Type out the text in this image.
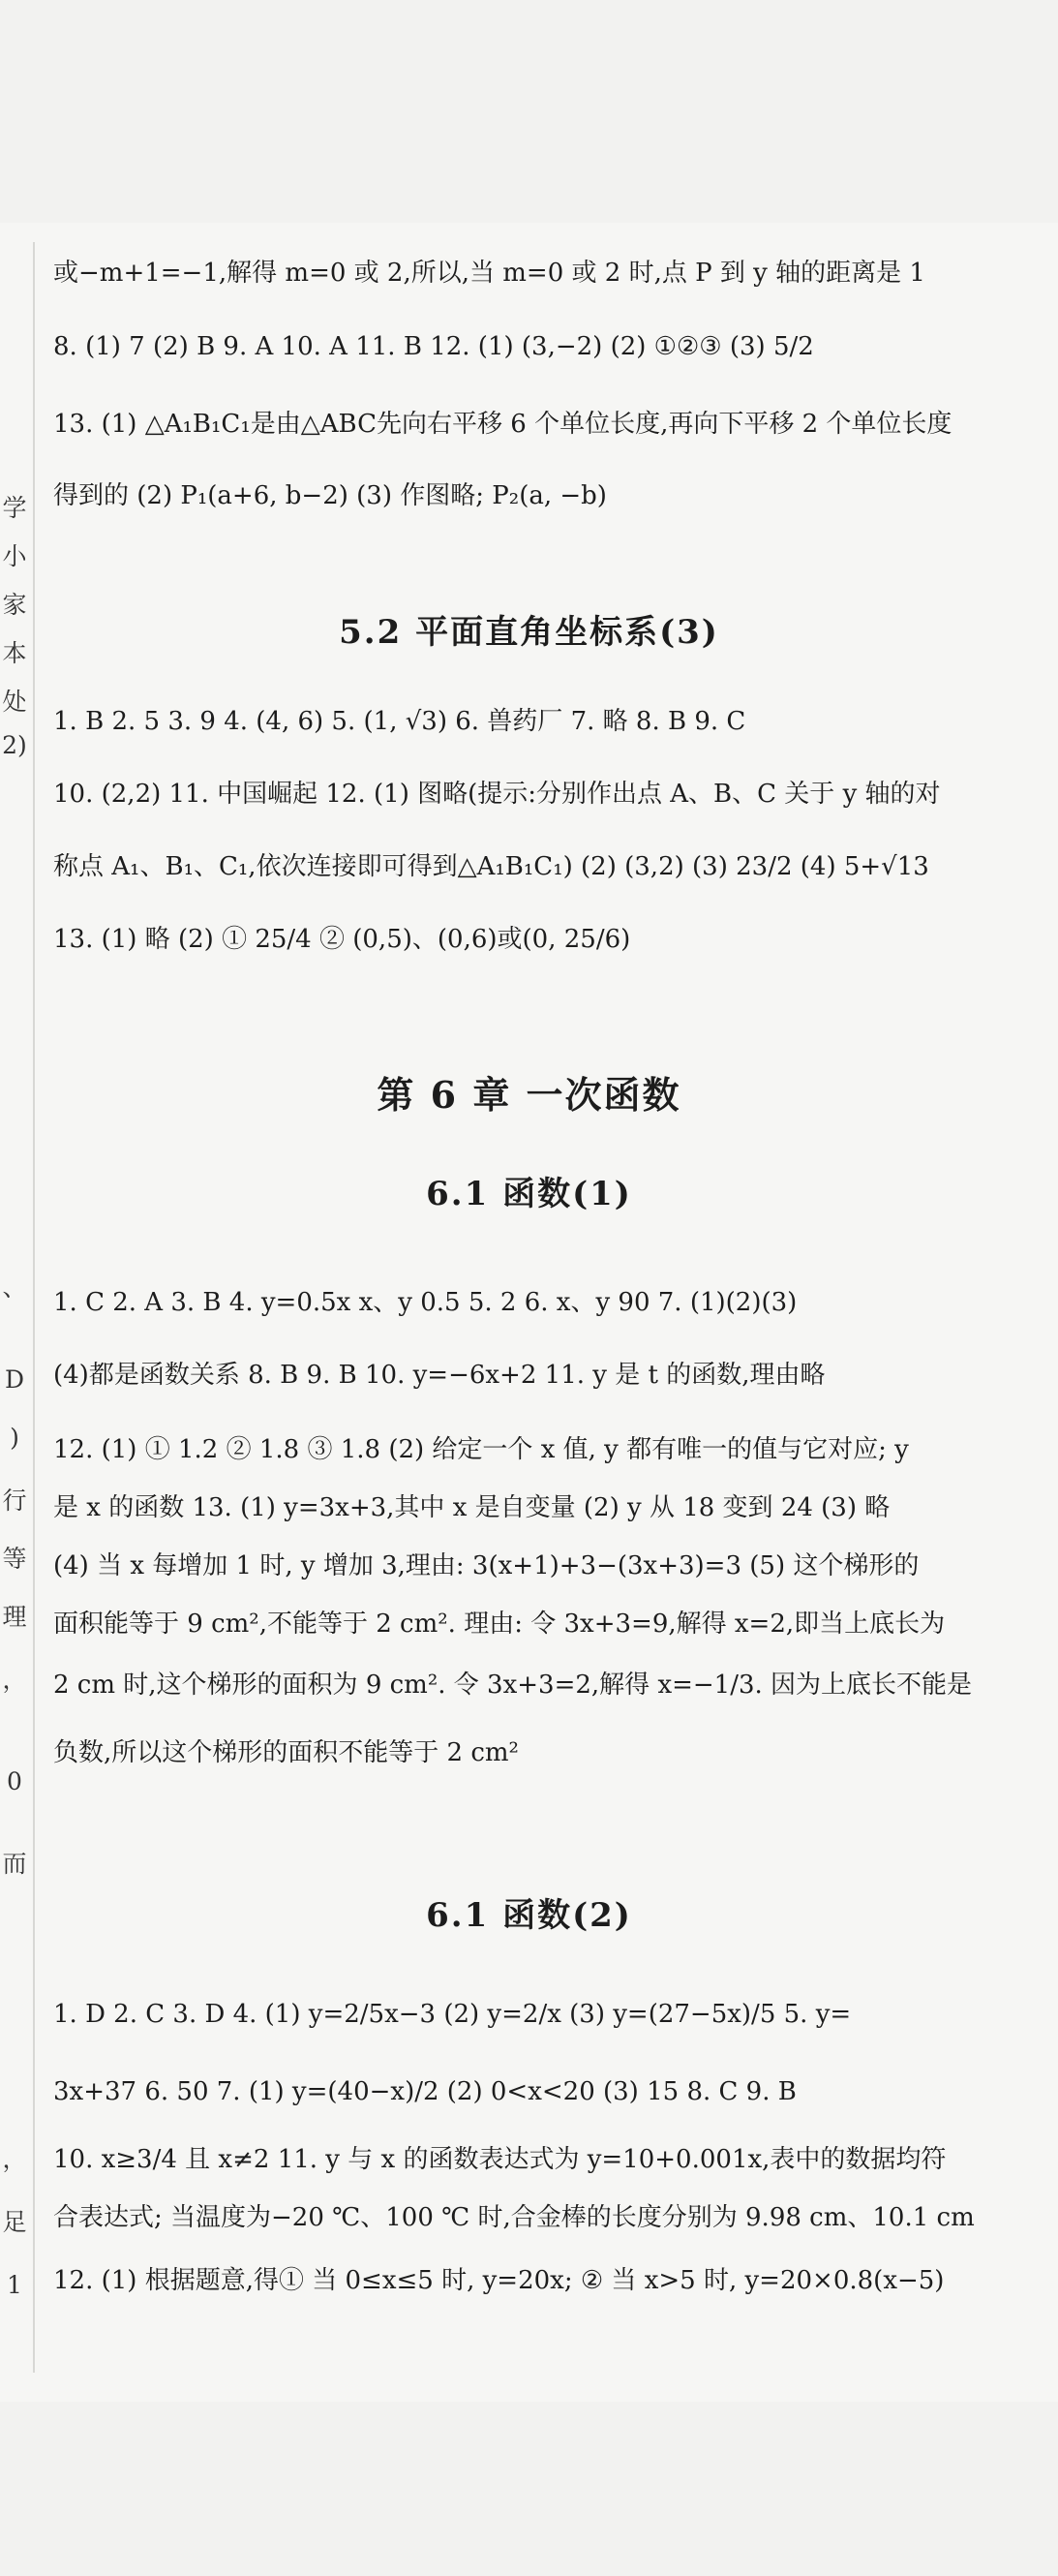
学
小
家
本
处
2)
、
D
)
行
等
理
，
0
而
，
足
1
或−m+1=−1,解得 m=0 或 2,所以,当 m=0 或 2 时,点 P 到 y 轴的距离是 1
8. (1) 7 (2) B 9. A 10. A 11. B 12. (1) (3,−2) (2) ①②③ (3) 5/2
13. (1) △A₁B₁C₁是由△ABC先向右平移 6 个单位长度,再向下平移 2 个单位长度
得到的 (2) P₁(a+6, b−2) (3) 作图略; P₂(a, −b)
5.2 平面直角坐标系(3)
1. B 2. 5 3. 9 4. (4, 6) 5. (1, √3) 6. 兽药厂 7. 略 8. B 9. C
10. (2,2) 11. 中国崛起 12. (1) 图略(提示:分别作出点 A、B、C 关于 y 轴的对
称点 A₁、B₁、C₁,依次连接即可得到△A₁B₁C₁) (2) (3,2) (3) 23/2 (4) 5+√13
13. (1) 略 (2) ① 25/4 ② (0,5)、(0,6)或(0, 25/6)
第 6 章 一次函数
6.1 函数(1)
1. C 2. A 3. B 4. y=0.5x x、y 0.5 5. 2 6. x、y 90 7. (1)(2)(3)
(4)都是函数关系 8. B 9. B 10. y=−6x+2 11. y 是 t 的函数,理由略
12. (1) ① 1.2 ② 1.8 ③ 1.8 (2) 给定一个 x 值, y 都有唯一的值与它对应; y
是 x 的函数 13. (1) y=3x+3,其中 x 是自变量 (2) y 从 18 变到 24 (3) 略
(4) 当 x 每增加 1 时, y 增加 3,理由: 3(x+1)+3−(3x+3)=3 (5) 这个梯形的
面积能等于 9 cm²,不能等于 2 cm². 理由: 令 3x+3=9,解得 x=2,即当上底长为
2 cm 时,这个梯形的面积为 9 cm². 令 3x+3=2,解得 x=−1/3. 因为上底长不能是
负数,所以这个梯形的面积不能等于 2 cm²
6.1 函数(2)
1. D 2. C 3. D 4. (1) y=2/5x−3 (2) y=2/x (3) y=(27−5x)/5 5. y=
3x+37 6. 50 7. (1) y=(40−x)/2 (2) 0<x<20 (3) 15 8. C 9. B
10. x≥3/4 且 x≠2 11. y 与 x 的函数表达式为 y=10+0.001x,表中的数据均符
合表达式; 当温度为−20 ℃、100 ℃ 时,合金棒的长度分别为 9.98 cm、10.1 cm
12. (1) 根据题意,得① 当 0≤x≤5 时, y=20x; ② 当 x>5 时, y=20×0.8(x−5)
